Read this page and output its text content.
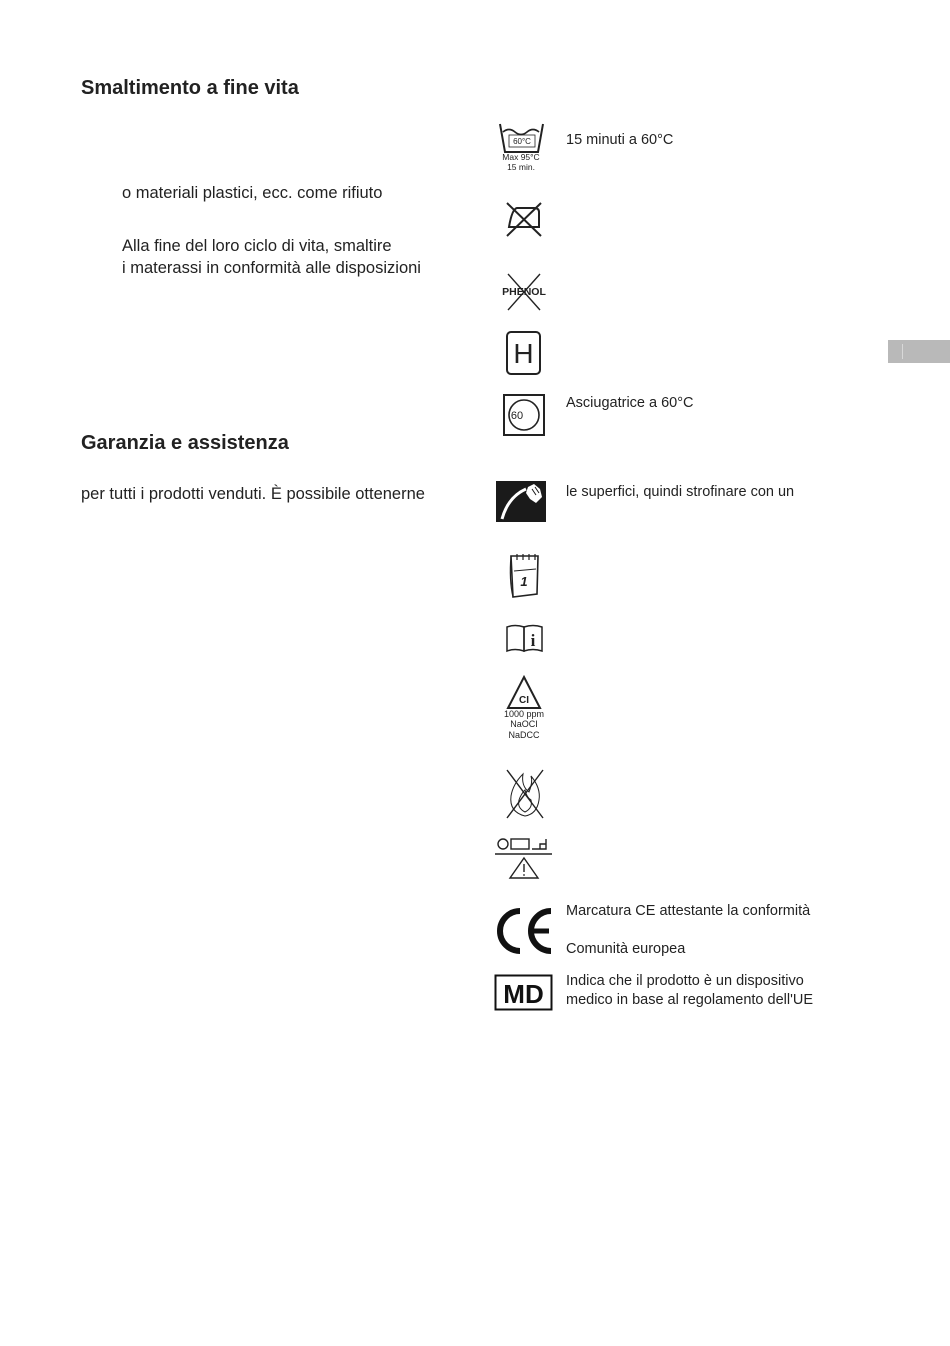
Smaltimento a fine vita
o materiali plastici, ecc. come rifiuto
Alla fine del loro ciclo di vita, smaltire
i materassi in conformità alle disposizioni
Garanzia e assistenza
per tutti i prodotti venduti. È possibile ottenerne
60°C
Max 95°C
15 min.
15 minuti a 60°C
PHENOL
H
60
Asciugatrice a 60°C
le superfici, quindi strofinare con un
1
i
CI
1000 ppm
NaOCI
NaDCC
Marcatura CE attestante la conformità
Comunità europea
MD Indica che il prodotto è un dispositivo
medico in base al regolamento dell'UE
